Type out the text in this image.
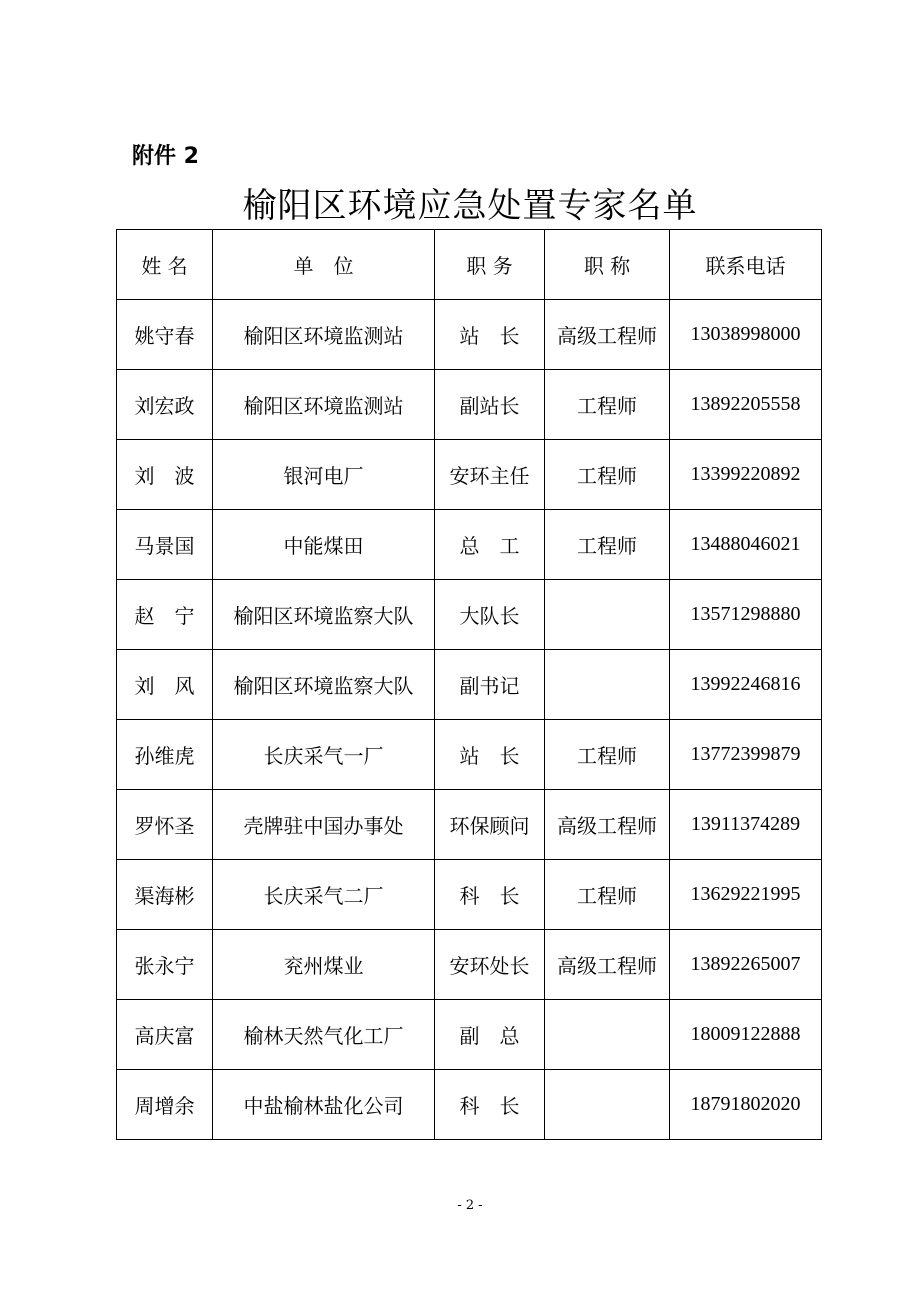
附件 2
榆阳区环境应急处置专家名单
姓 名	单　位	职 务	职 称	联系电话
姚守春	榆阳区环境监测站	站　长	高级工程师	13038998000
刘宏政	榆阳区环境监测站	副站长	工程师	13892205558
刘　波	银河电厂	安环主任	工程师	13399220892
马景国	中能煤田	总　工	工程师	13488046021
赵　宁	榆阳区环境监察大队	大队长		13571298880
刘　风	榆阳区环境监察大队	副书记		13992246816
孙维虎	长庆采气一厂	站　长	工程师	13772399879
罗怀圣	壳牌驻中国办事处	环保顾问	高级工程师	13911374289
渠海彬	长庆采气二厂	科　长	工程师	13629221995
张永宁	兖州煤业	安环处长	高级工程师	13892265007
高庆富	榆林天然气化工厂	副　总		18009122888
周增余	中盐榆林盐化公司	科　长		18791802020
- 2 -
